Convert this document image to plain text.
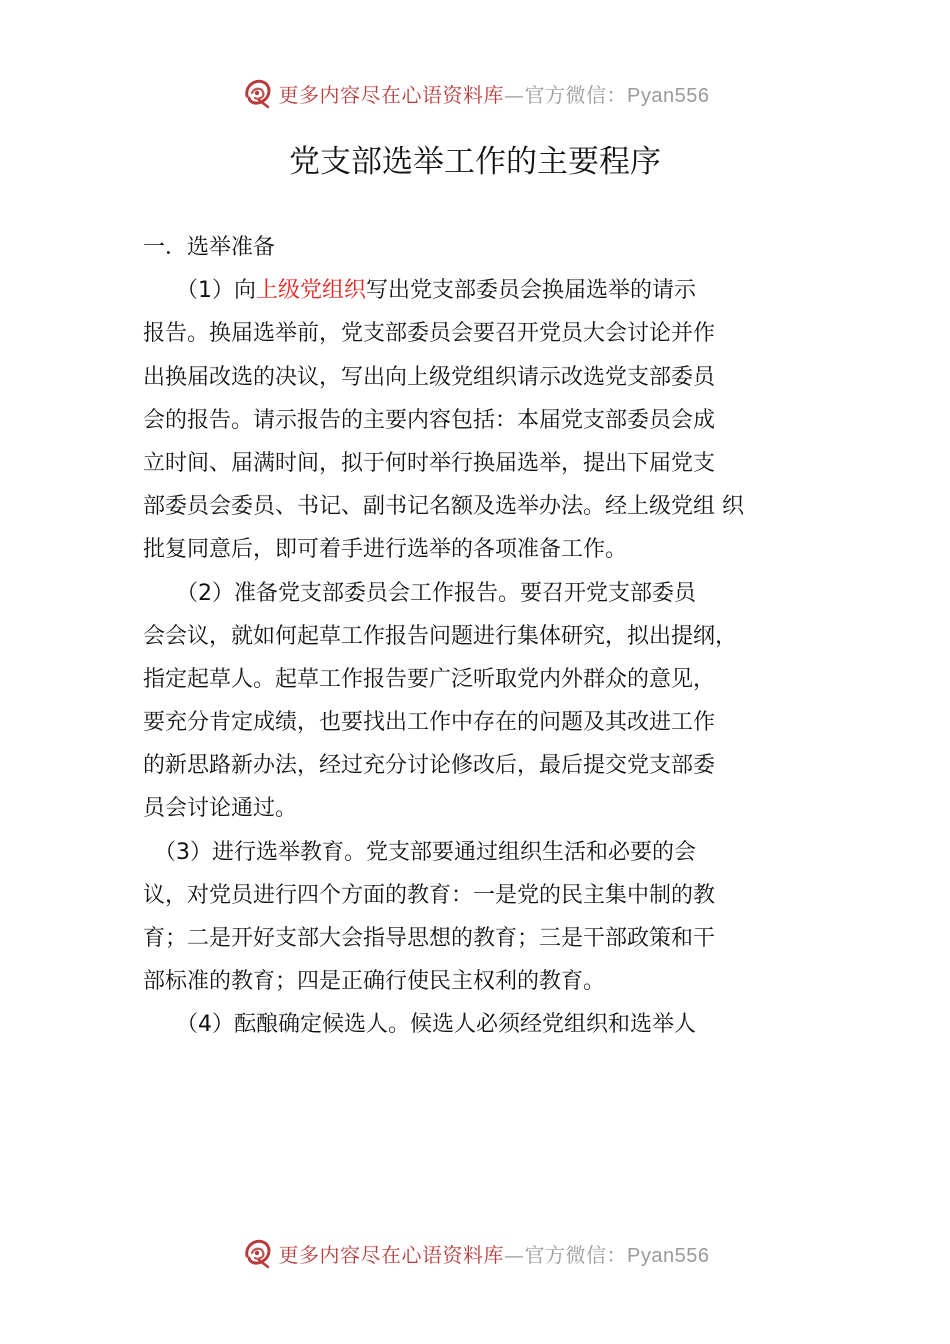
更多内容尽在心语资料库—官方微信：Pyan556
党支部选举工作的主要程序
一．选举准备
　　（1）向上级党组织写出党支部委员会换届选举的请示
报告。换届选举前，党支部委员会要召开党员大会讨论并作
出换届改选的决议，写出向上级党组织请示改选党支部委员
会的报告。请示报告的主要内容包括：本届党支部委员会成
立时间、届满时间，拟于何时举行换届选举，提出下届党支
部委员会委员、书记、副书记名额及选举办法。经上级党组 织
批复同意后，即可着手进行选举的各项准备工作。
　　（2）准备党支部委员会工作报告。要召开党支部委员
会会议，就如何起草工作报告问题进行集体研究，拟出提纲，
指定起草人。起草工作报告要广泛听取党内外群众的意见，
要充分肯定成绩，也要找出工作中存在的问题及其改进工作
的新思路新办法，经过充分讨论修改后，最后提交党支部委
员会讨论通过。
　（3）进行选举教育。党支部要通过组织生活和必要的会
议，对党员进行四个方面的教育：一是党的民主集中制的教
育；二是开好支部大会指导思想的教育；三是干部政策和干
部标准的教育；四是正确行使民主权利的教育。
　　（4）酝酿确定候选人。候选人必须经党组织和选举人
更多内容尽在心语资料库—官方微信：Pyan556
